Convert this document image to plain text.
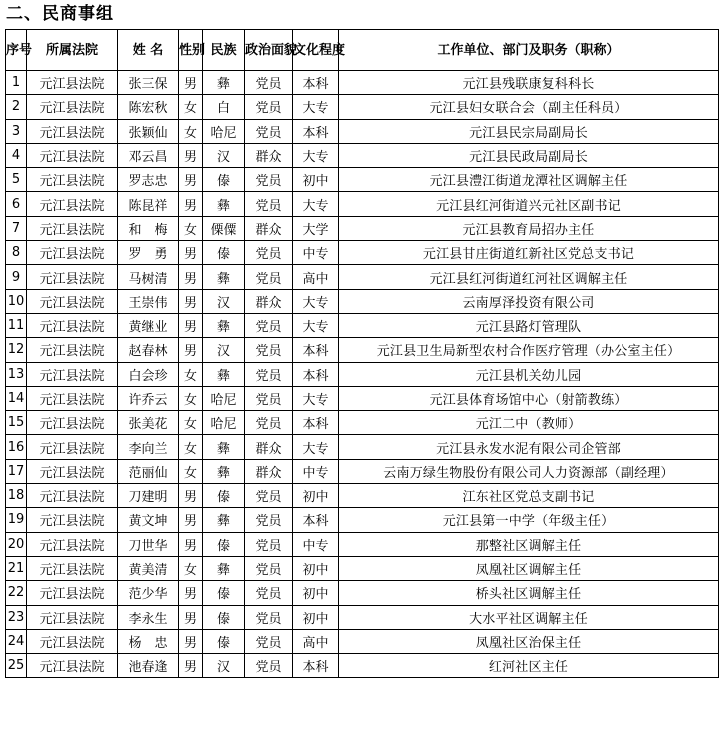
二、民商事组
序号	所属法院	姓 名	性别	民族	政治面貌	文化程度	工作单位、部门及职务（职称）
1	元江县法院	张三保	男	彝	党员	本科	元江县残联康复科科长
2	元江县法院	陈宏秋	女	白	党员	大专	元江县妇女联合会（副主任科员）
3	元江县法院	张颖仙	女	哈尼	党员	本科	元江县民宗局副局长
4	元江县法院	邓云昌	男	汉	群众	大专	元江县民政局副局长
5	元江县法院	罗志忠	男	傣	党员	初中	元江县澧江街道龙潭社区调解主任
6	元江县法院	陈昆祥	男	彝	党员	大专	元江县红河街道兴元社区副书记
7	元江县法院	和　梅	女	傈僳	群众	大学	元江县教育局招办主任
8	元江县法院	罗　勇	男	傣	党员	中专	元江县甘庄街道红新社区党总支书记
9	元江县法院	马树清	男	彝	党员	高中	元江县红河街道红河社区调解主任
10	元江县法院	王崇伟	男	汉	群众	大专	云南厚泽投资有限公司
11	元江县法院	黄继业	男	彝	党员	大专	元江县路灯管理队
12	元江县法院	赵春林	男	汉	党员	本科	元江县卫生局新型农村合作医疗管理（办公室主任）
13	元江县法院	白会珍	女	彝	党员	本科	元江县机关幼儿园
14	元江县法院	许乔云	女	哈尼	党员	大专	元江县体育场馆中心（射箭教练）
15	元江县法院	张美花	女	哈尼	党员	本科	元江二中（教师）
16	元江县法院	李向兰	女	彝	群众	大专	元江县永发水泥有限公司企管部
17	元江县法院	范丽仙	女	彝	群众	中专	云南万绿生物股份有限公司人力资源部（副经理）
18	元江县法院	刀建明	男	傣	党员	初中	江东社区党总支副书记
19	元江县法院	黄文坤	男	彝	党员	本科	元江县第一中学（年级主任）
20	元江县法院	刀世华	男	傣	党员	中专	那整社区调解主任
21	元江县法院	黄美清	女	彝	党员	初中	凤凰社区调解主任
22	元江县法院	范少华	男	傣	党员	初中	桥头社区调解主任
23	元江县法院	李永生	男	傣	党员	初中	大水平社区调解主任
24	元江县法院	杨　忠	男	傣	党员	高中	凤凰社区治保主任
25	元江县法院	池春逢	男	汉	党员	本科	红河社区主任
